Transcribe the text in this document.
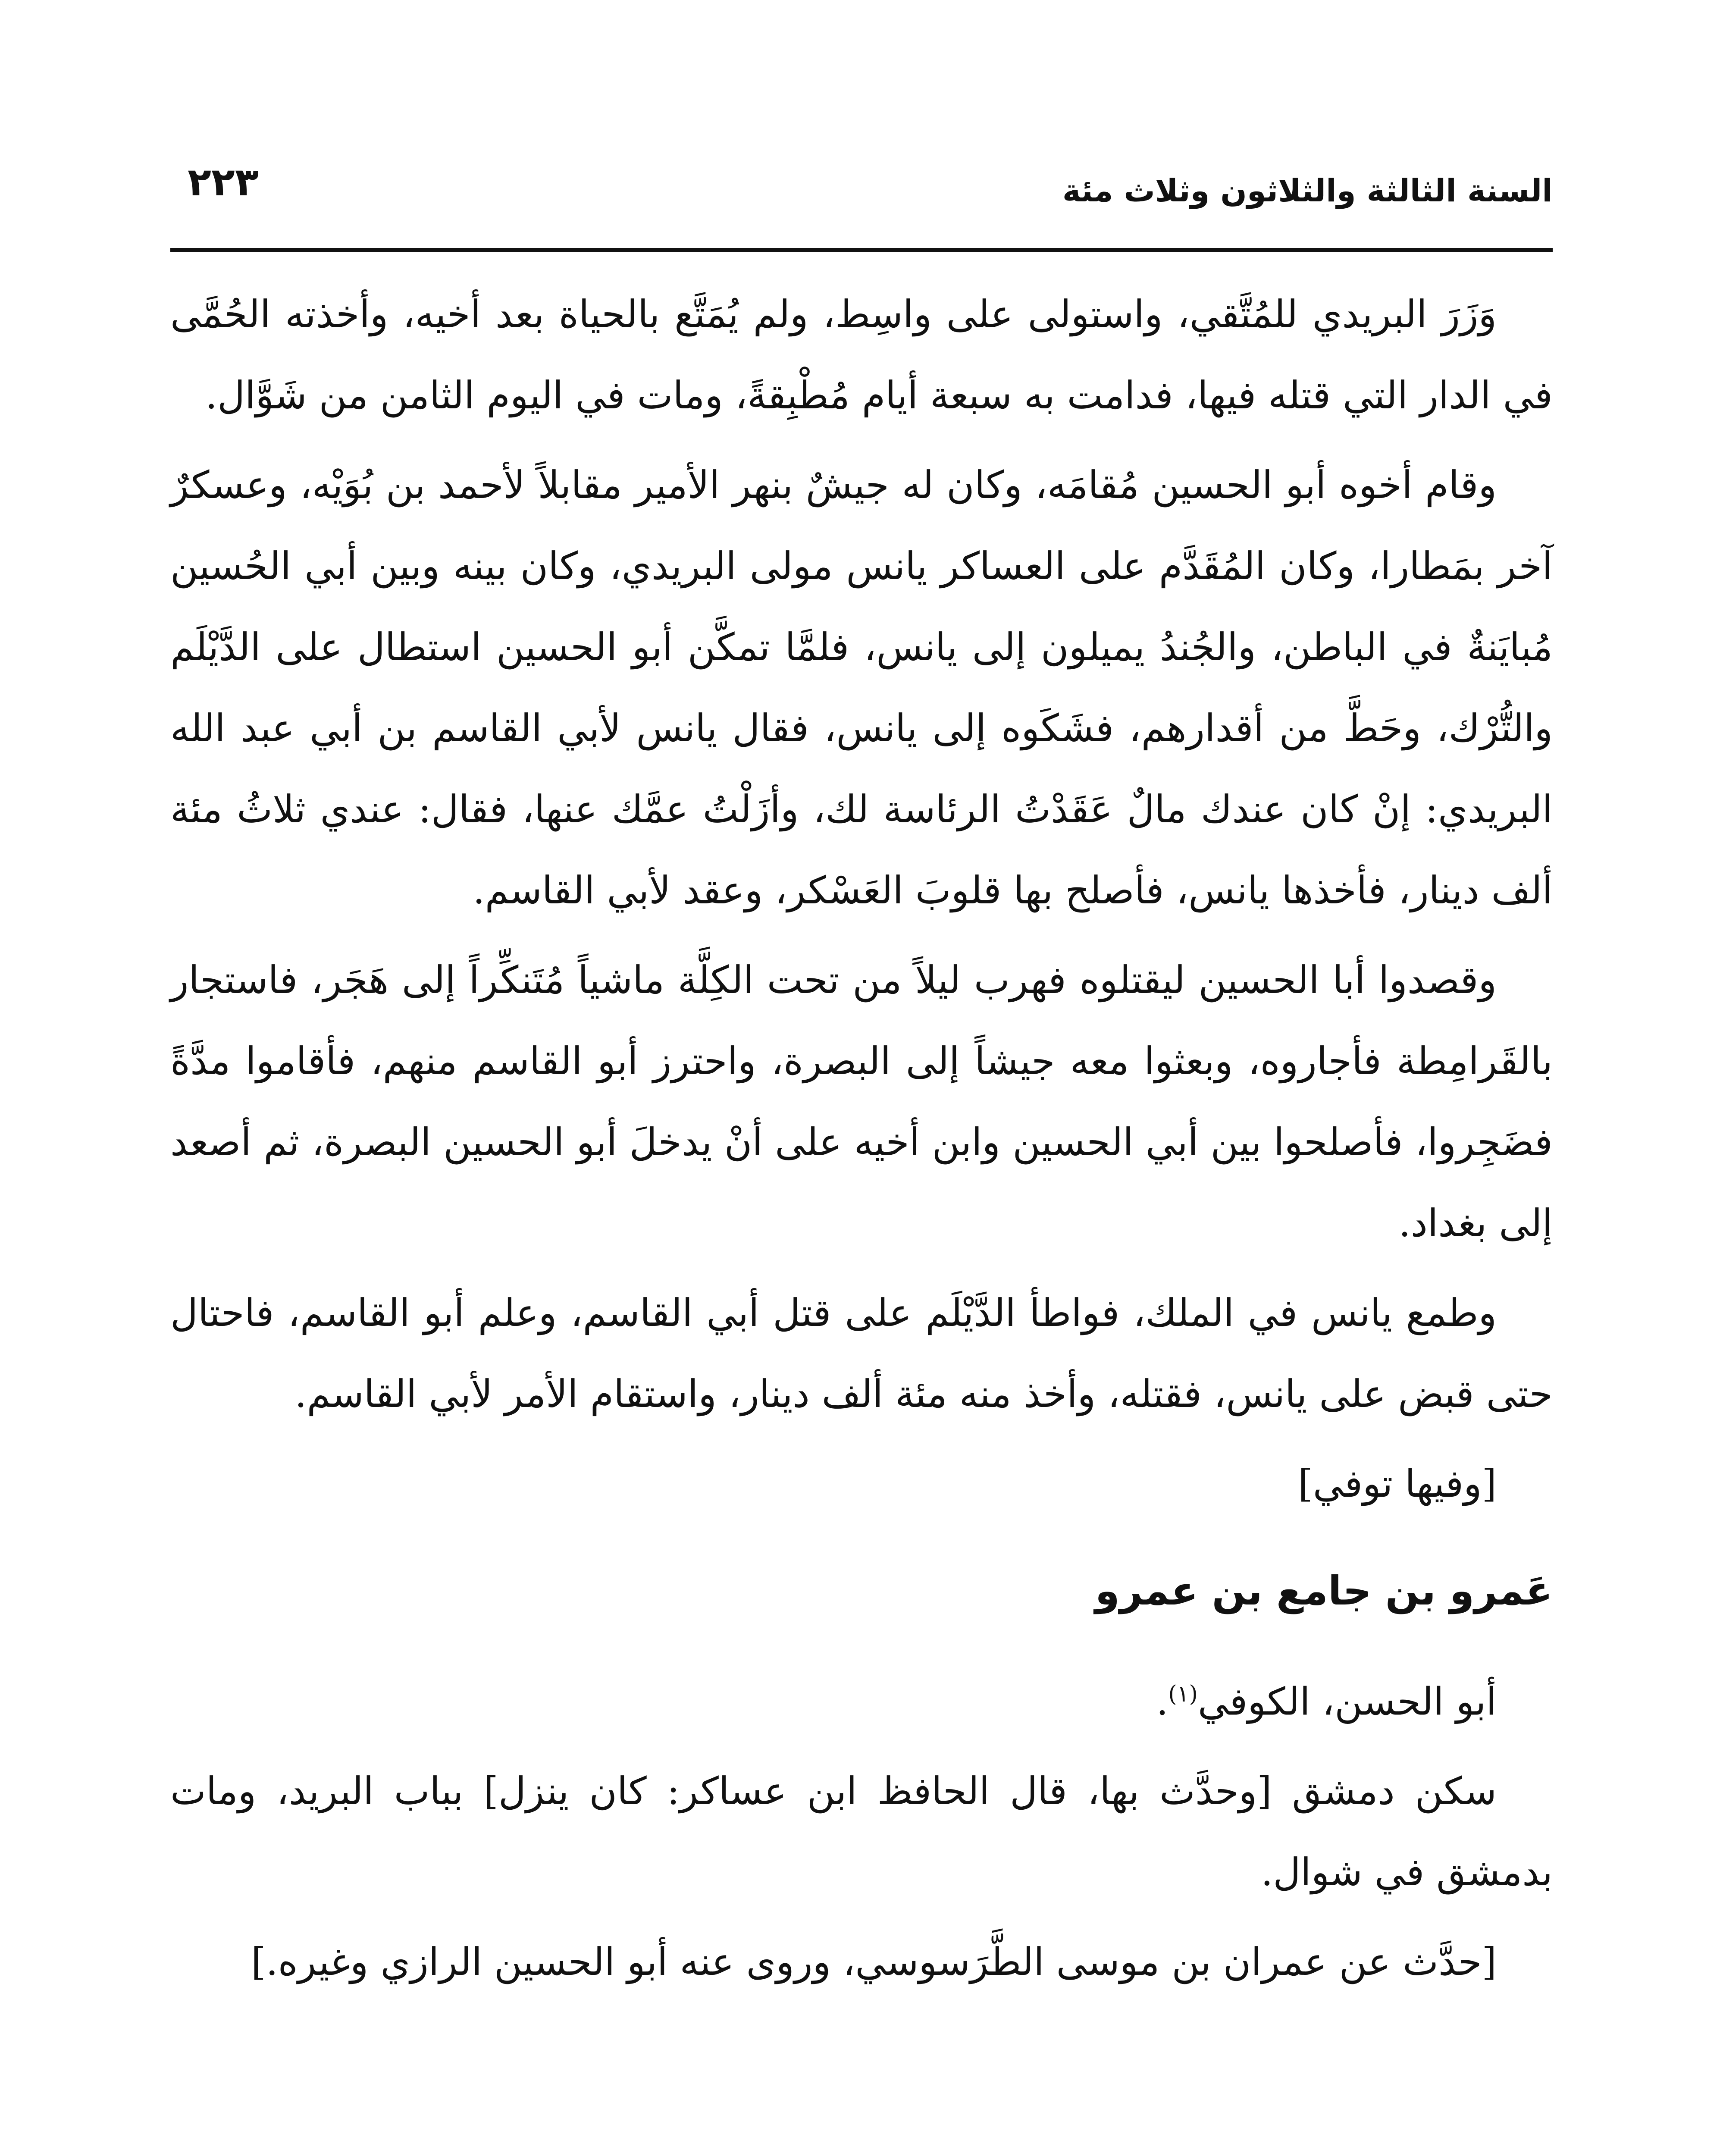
السنة الثالثة والثلاثون وثلاث مئة
٢٢٣

وَزَرَ البريدي للمُتَّقي، واستولى على واسِط، ولم يُمَتَّع بالحياة بعد أخيه، وأخذته الحُمَّى في الدار التي قتله فيها، فدامت به سبعة أيام مُطْبِقةً، ومات في اليوم الثامن من شَوَّال.

وقام أخوه أبو الحسين مُقامَه، وكان له جيشٌ بنهر الأمير مقابلاً لأحمد بن بُوَيْه، وعسكرٌ آخر بمَطارا، وكان المُقَدَّم على العساكر يانس مولى البريدي، وكان بينه وبين أبي الحُسين مُبايَنةٌ في الباطن، والجُندُ يميلون إلى يانس، فلمَّا تمكَّن أبو الحسين استطال على الدَّيْلَم والتُّرْك، وحَطَّ من أقدارهم، فشَكَوه إلى يانس، فقال يانس لأبي القاسم بن أبي عبد الله البريدي: إنْ كان عندك مالٌ عَقَدْتُ الرئاسة لك، وأزَلْتُ عمَّك عنها، فقال: عندي ثلاثُ مئة ألف دينار، فأخذها يانس، فأصلح بها قلوبَ العَسْكر، وعقد لأبي القاسم.

وقصدوا أبا الحسين ليقتلوه فهرب ليلاً من تحت الكِلَّة ماشياً مُتَنكِّراً إلى هَجَر، فاستجار بالقَرامِطة فأجاروه، وبعثوا معه جيشاً إلى البصرة، واحترز أبو القاسم منهم، فأقاموا مدَّةً فضَجِروا، فأصلحوا بين أبي الحسين وابن أخيه على أنْ يدخلَ أبو الحسين البصرة، ثم أصعد إلى بغداد.

وطمع يانس في الملك، فواطأ الدَّيْلَم على قتل أبي القاسم، وعلم أبو القاسم، فاحتال حتى قبض على يانس، فقتله، وأخذ منه مئة ألف دينار، واستقام الأمر لأبي القاسم.

[وفيها توفي]

عَمرو بن جامع بن عمرو

أبو الحسن، الكوفي$^{(١)}$.

سكن دمشق [وحدَّث بها، قال الحافظ ابن عساكر: كان ينزل] بباب البريد، ومات بدمشق في شوال.

[حدَّث عن عمران بن موسى الطَّرَسوسي، وروى عنه أبو الحسين الرازي وغيره.]
